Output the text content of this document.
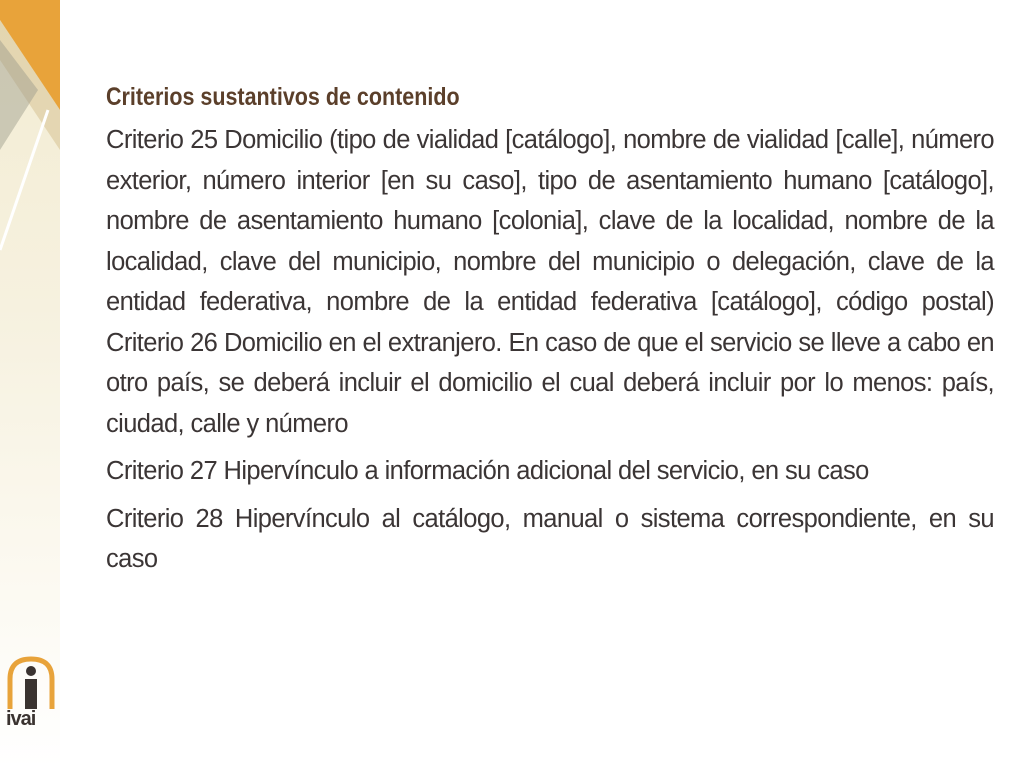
ivai
Criterios sustantivos de contenido

Criterio 25 Domicilio (tipo de vialidad [catálogo], nombre de vialidad [calle], número exterior, número interior [en su caso], tipo de asentamiento humano [catálogo], nombre de asentamiento humano [colonia], clave de la localidad, nombre de la localidad, clave del municipio, nombre del municipio o delegación, clave de la entidad federativa, nombre de la entidad federativa [catálogo], código postal) Criterio 26 Domicilio en el extranjero. En caso de que el servicio se lleve a cabo en otro país, se deberá incluir el domicilio el cual deberá incluir por lo menos: país, ciudad, calle y número

Criterio 27 Hipervínculo a información adicional del servicio, en su caso

Criterio 28 Hipervínculo al catálogo, manual o sistema correspondiente, en su caso
